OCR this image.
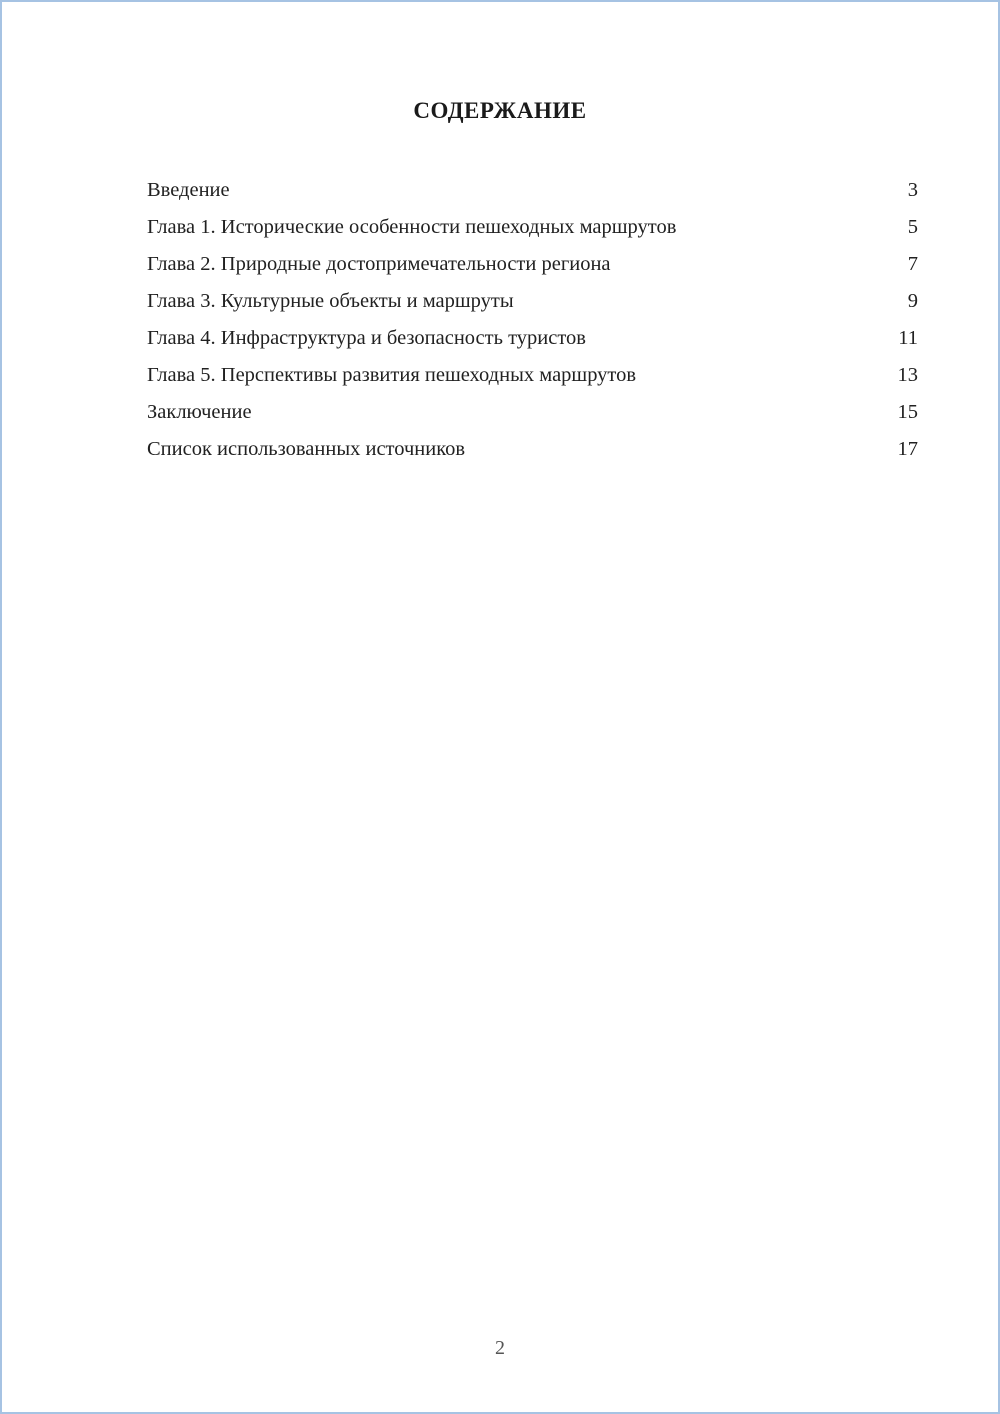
СОДЕРЖАНИЕ
Введение	3
Глава 1. Исторические особенности пешеходных маршрутов	5
Глава 2. Природные достопримечательности региона	7
Глава 3. Культурные объекты и маршруты	9
Глава 4. Инфраструктура и безопасность туристов	11
Глава 5. Перспективы развития пешеходных маршрутов	13
Заключение	15
Список использованных источников	17
2
